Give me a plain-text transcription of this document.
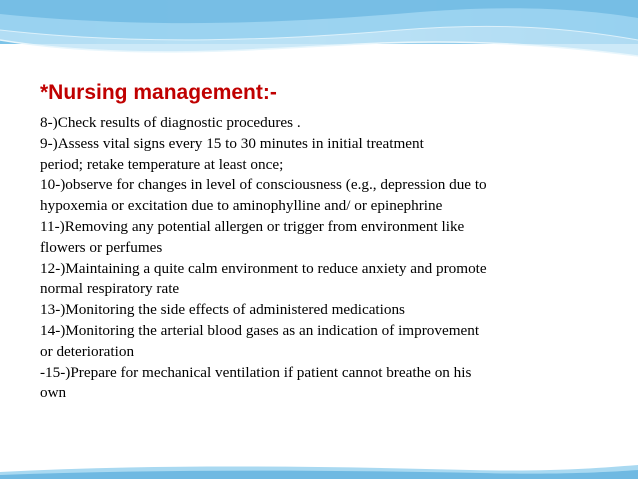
*Nursing management:-
8-)Check results of diagnostic procedures .
9-)Assess vital signs every 15 to 30 minutes in initial treatment
period; retake temperature at least once;
10-)observe for changes in level of consciousness (e.g., depression due to
hypoxemia or excitation due to aminophylline and/ or epinephrine
11-)Removing any potential allergen or trigger from environment like
flowers or perfumes
12-)Maintaining a quite calm environment to reduce anxiety and promote
normal respiratory rate
13-)Monitoring the side effects of administered medications
14-)Monitoring the arterial blood gases as an indication of improvement
or deterioration
-15-)Prepare for mechanical ventilation if patient cannot breathe on his
own
